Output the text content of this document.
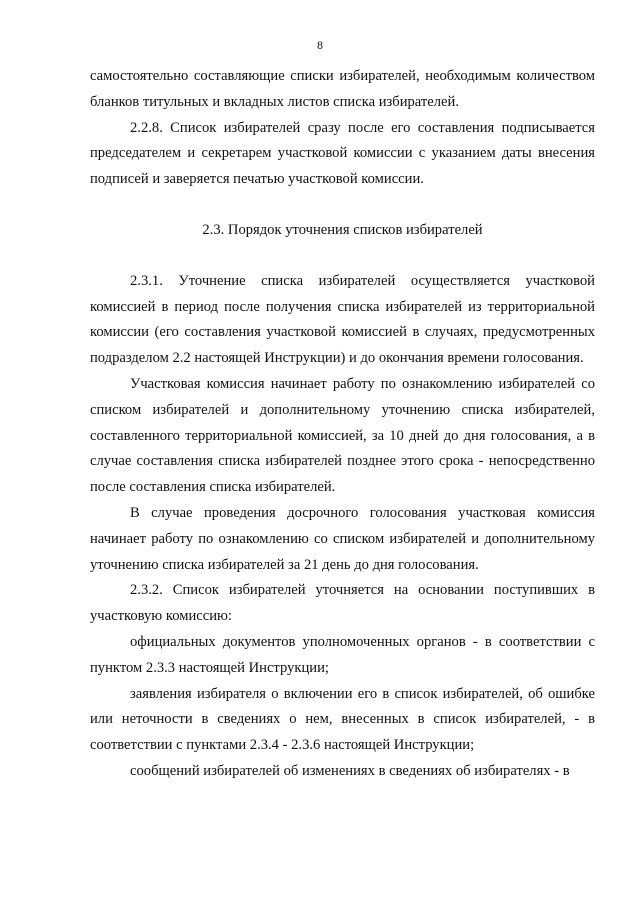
8

самостоятельно составляющие списки избирателей, необходимым количеством бланков титульных и вкладных листов списка избирателей.

2.2.8. Список избирателей сразу после его составления подписывается председателем и секретарем участковой комиссии с указанием даты внесения подписей и заверяется печатью участковой комиссии.

2.3. Порядок уточнения списков избирателей

2.3.1. Уточнение списка избирателей осуществляется участковой комиссией в период после получения списка избирателей из территориальной комиссии (его составления участковой комиссией в случаях, предусмотренных подразделом 2.2 настоящей Инструкции) и до окончания времени голосования.

Участковая комиссия начинает работу по ознакомлению избирателей со списком избирателей и дополнительному уточнению списка избирателей, составленного территориальной комиссией, за 10 дней до дня голосования, а в случае составления списка избирателей позднее этого срока - непосредственно после составления списка избирателей.

В случае проведения досрочного голосования участковая комиссия начинает работу по ознакомлению со списком избирателей и дополнительному уточнению списка избирателей за 21 день до дня голосования.

2.3.2. Список избирателей уточняется на основании поступивших в участковую комиссию:

официальных документов уполномоченных органов - в соответствии с пунктом 2.3.3 настоящей Инструкции;

заявления избирателя о включении его в список избирателей, об ошибке или неточности в сведениях о нем, внесенных в список избирателей, - в соответствии с пунктами 2.3.4 - 2.3.6 настоящей Инструкции;

сообщений избирателей об изменениях в сведениях об избирателях - в
